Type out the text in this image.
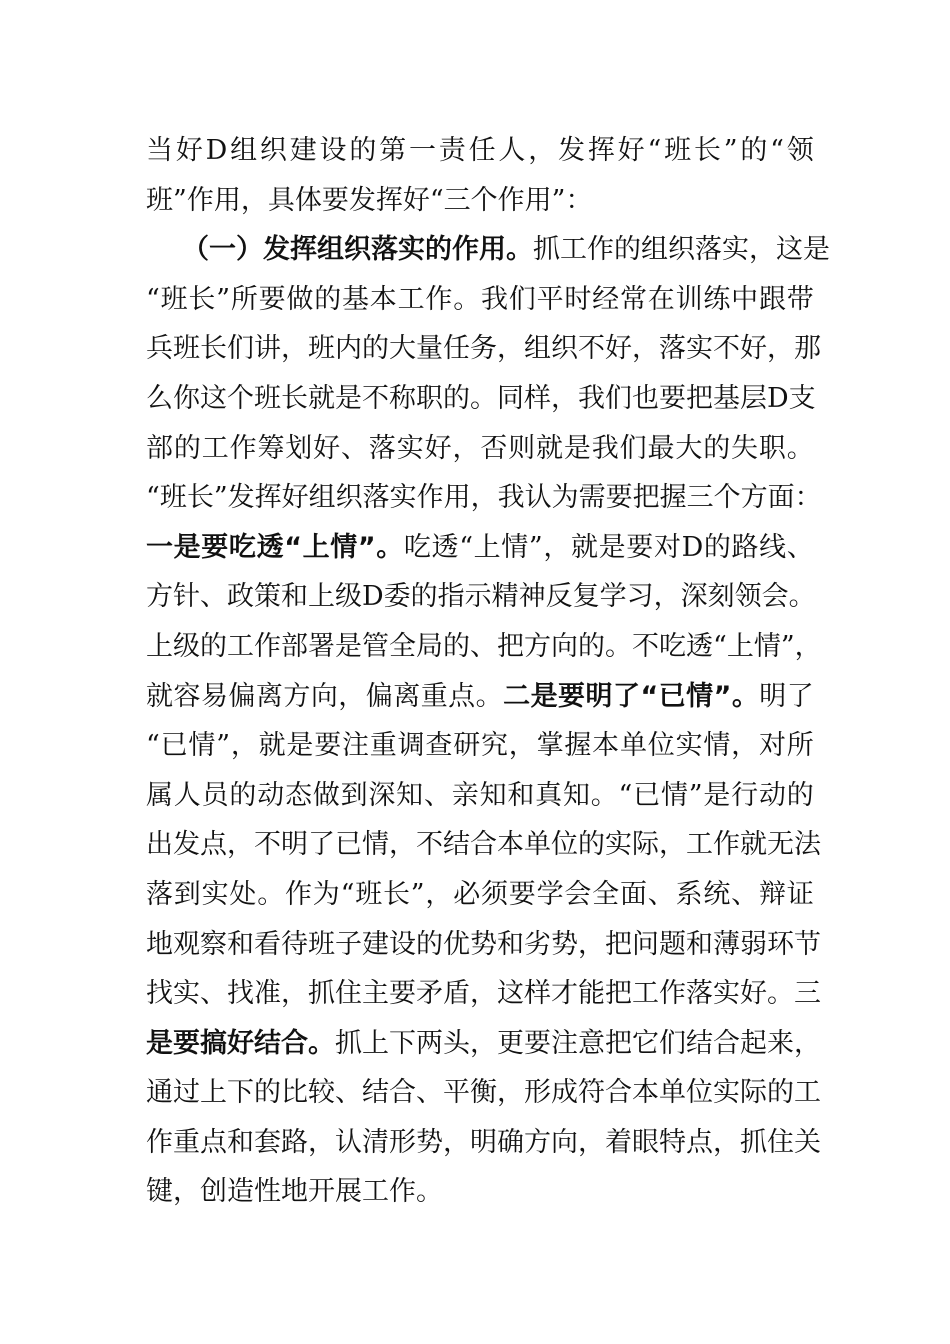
当 好 D 组 织 建 设 的 第 一 责 任 人 ， 发 挥 好 “ 班 长 ” 的 “ 领
班 ” 作 用 ， 具 体 要 发 挥 好 “ 三 个 作 用 ” ：
（ 一 ） 发 挥 组 织 落 实 的 作 用 。 抓 工 作 的 组 织 落 实 ， 这 是
“ 班 长 ” 所 要 做 的 基 本 工 作 。 我 们 平 时 经 常 在 训 练 中 跟 带
兵 班 长 们 讲 ， 班 内 的 大 量 任 务 ， 组 织 不 好 ， 落 实 不 好 ， 那
么 你 这 个 班 长 就 是 不 称 职 的 。 同 样 ， 我 们 也 要 把 基 层 D 支
部 的 工 作 筹 划 好 、 落 实 好 ， 否 则 就 是 我 们 最 大 的 失 职 。
“ 班 长 ” 发 挥 好 组 织 落 实 作 用 ， 我 认 为 需 要 把 握 三 个 方 面 ：
一 是 要 吃 透 “ 上 情 ” 。 吃 透 “ 上 情 ” ， 就 是 要 对 D 的 路 线 、
方 针 、 政 策 和 上 级 D 委 的 指 示 精 神 反 复 学 习 ， 深 刻 领 会 。
上 级 的 工 作 部 署 是 管 全 局 的 、 把 方 向 的 。 不 吃 透 “ 上 情 ” ，
就 容 易 偏 离 方 向 ， 偏 离 重 点 。 二 是 要 明 了 “ 已 情 ” 。 明 了
“ 已 情 ” ， 就 是 要 注 重 调 查 研 究 ， 掌 握 本 单 位 实 情 ， 对 所
属 人 员 的 动 态 做 到 深 知 、 亲 知 和 真 知 。 “ 已 情 ” 是 行 动 的
出 发 点 ， 不 明 了 已 情 ， 不 结 合 本 单 位 的 实 际 ， 工 作 就 无 法
落 到 实 处 。 作 为 “ 班 长 ” ， 必 须 要 学 会 全 面 、 系 统 、 辩 证
地 观 察 和 看 待 班 子 建 设 的 优 势 和 劣 势 ， 把 问 题 和 薄 弱 环 节
找 实 、 找 准 ， 抓 住 主 要 矛 盾 ， 这 样 才 能 把 工 作 落 实 好 。 三
是 要 搞 好 结 合 。 抓 上 下 两 头 ， 更 要 注 意 把 它 们 结 合 起 来 ，
通 过 上 下 的 比 较 、 结 合 、 平 衡 ， 形 成 符 合 本 单 位 实 际 的 工
作 重 点 和 套 路 ， 认 清 形 势 ， 明 确 方 向 ， 着 眼 特 点 ， 抓 住 关
键 ， 创 造 性 地 开 展 工 作 。
